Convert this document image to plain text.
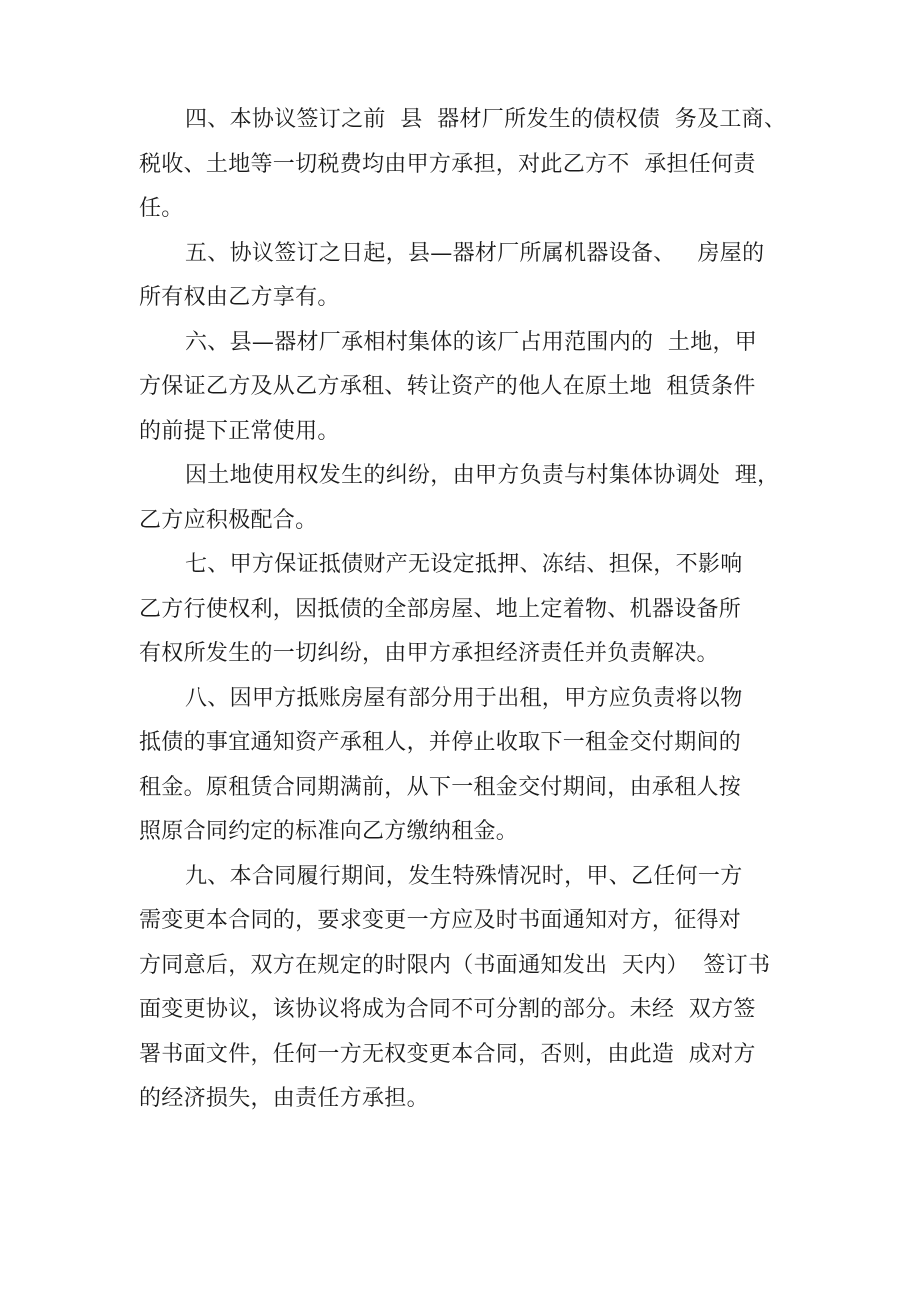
四、本协议签订之前  县  器材厂所发生的债权债  务及工商、
税收、土地等一切税费均由甲方承担，对此乙方不  承担任何责
任。
五、协议签订之日起，县—器材厂所属机器设备、   房屋的
所有权由乙方享有。
六、县—器材厂承相村集体的该厂占用范围内的  土地，甲
方保证乙方及从乙方承租、转让资产的他人在原土地  租赁条件
的前提下正常使用。
因土地使用权发生的纠纷，由甲方负责与村集体协调处  理，
乙方应积极配合。
七、甲方保证抵债财产无设定抵押、冻结、担保，不影响
乙方行使权利，因抵债的全部房屋、地上定着物、机器设备所
有权所发生的一切纠纷，由甲方承担经济责任并负责解决。
八、因甲方抵账房屋有部分用于出租，甲方应负责将以物
抵债的事宜通知资产承租人，并停止收取下一租金交付期间的
租金。原租赁合同期满前，从下一租金交付期间，由承租人按
照原合同约定的标准向乙方缴纳租金。
九、本合同履行期间，发生特殊情况时，甲、乙任何一方
需变更本合同的，要求变更一方应及时书面通知对方，征得对
方同意后，双方在规定的时限内（书面通知发出  天内）  签订书
面变更协议，该协议将成为合同不可分割的部分。未经  双方签
署书面文件，任何一方无权变更本合同，否则，由此造  成对方
的经济损失，由责任方承担。
